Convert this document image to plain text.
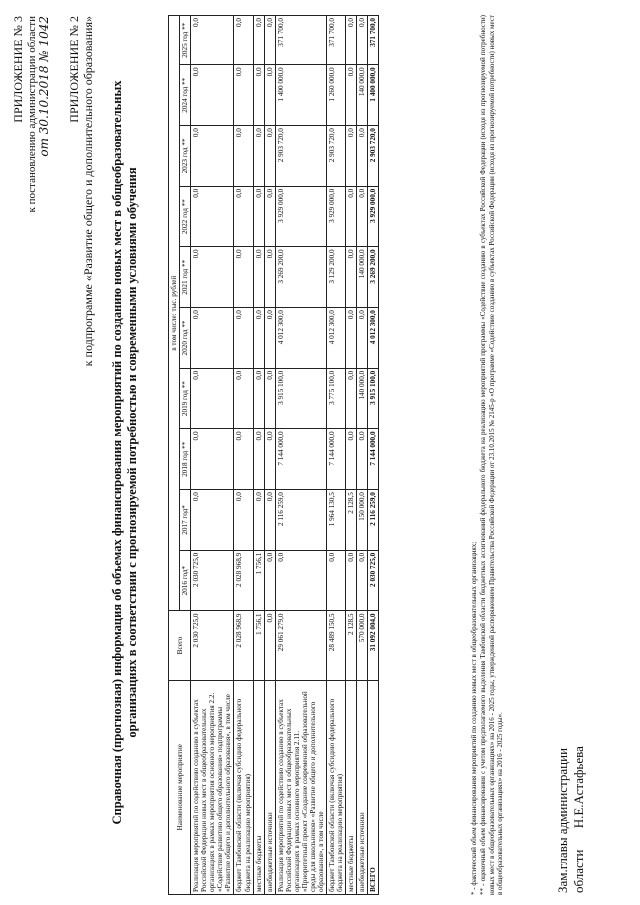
ПРИЛОЖЕНИЕ № 3 к постановлению администрации области от 30.10.2018 № 1042 ПРИЛОЖЕНИЕ № 2 к подпрограмме «Развитие общего и дополнительного образования» Справочная (прогнозная) информация об объемах финансирования мероприятий по созданию новых мест в общеобразовательных организациях в соответствии с прогнозируемой потребностью и современными условиями обучения
Наименование мероприятие	Всего	в том числе: тыс. рублей									
		2016 год*	2017 год*	2018 год **	2019 год **	2020 год **	2021 год **	2022 год **	2023 год **	2024 год **	2025 год **
Реализация мероприятий по содействию созданию в субъектах Российской Федерации новых мест в общеобразовательных организациях в рамках мероприятия основного мероприятия 2.2. «Содействие развитию общего образования» подпрограммы «Развитие общего и дополнительного образования», в том числе	2 030 725,0	2 030 725,0	0,0	0,0	0,0	0,0	0,0	0,0	0,0	0,0	0,0
бюджет Тамбовской области (включая субсидию федерального бюджета на реализацию мероприятия)	2 028 968,9	2 028 968,9	0,0	0,0	0,0	0,0	0,0	0,0	0,0	0,0	0,0
местные бюджеты	1 756,1	1 756,1	0,0	0,0	0,0	0,0	0,0	0,0	0,0	0,0	0,0
внебюджетные источники	0,0	0,0	0,0	0,0	0,0	0,0	0,0	0,0	0,0	0,0	0,0
Реализация мероприятий по содействию созданию в субъектах Российской Федерации новых мест в общеобразовательных организациях в рамках основного мероприятия 2.11. «Приоритетный проект «Создание современной образовательной среды для школьников» «Развитие общего и дополнительного образования», в том числе	29 061 279,0	0,0	2 116 259,0	7 144 000,0	3 915 100,0	4 012 300,0	3 269 200,0	3 929 000,0	2 903 720,0	1 400 000,0	371 700,0
бюджет Тамбовской области (включая субсидию федерального бюджета на реализацию мероприятия)	28 489 150,5	0,0	1 964 130,5	7 144 000,0	3 775 100,0	4 012 300,0	3 129 200,0	3 929 000,0	2 903 720,0	1 260 000,0	371 700,0
местные бюджеты	2 128,5	0,0	2 128,5	0,0	0,0	0,0	0,0	0,0	0,0	0,0	0,0
внебюджетные источники	570 000,0	0,0	150 000,0	0,0	140 000,0	0,0	140 000,0	0,0	0,0	140 000,0	0,0
ВСЕГО	31 092 004,0	2 030 725,0	2 116 259,0	7 144 000,0	3 915 100,0	4 012 300,0	3 269 200,0	3 929 000,0	2 903 720,0	1 400 000,0	371 700,0

* - фактический объем финансирования мероприятий по созданию новых мест в общеобразовательных организациях; ** - оценочный объем финансирования с учетом предполагаемого выделения Тамбовской области бюджетных ассигнований федерального бюджета на реализацию мероприятий программы «Содействие созданию в субъектах Российской Федерации (исходя из прогнозируемой потребности) новых мест в общеобразовательных организациях» на 2016 - 2025 годы, утвержденной распоряжением Правительства Российской Федерации от 23.10.2015 № 2145-р «О программе «Содействие созданию в субъектах Российской Федерации (исходя из прогнозируемой потребности) новых мест в общеобразовательных организациях» на 2016 - 2025 годы».	Зам.главы администрации области Н.Е.Астафьева
